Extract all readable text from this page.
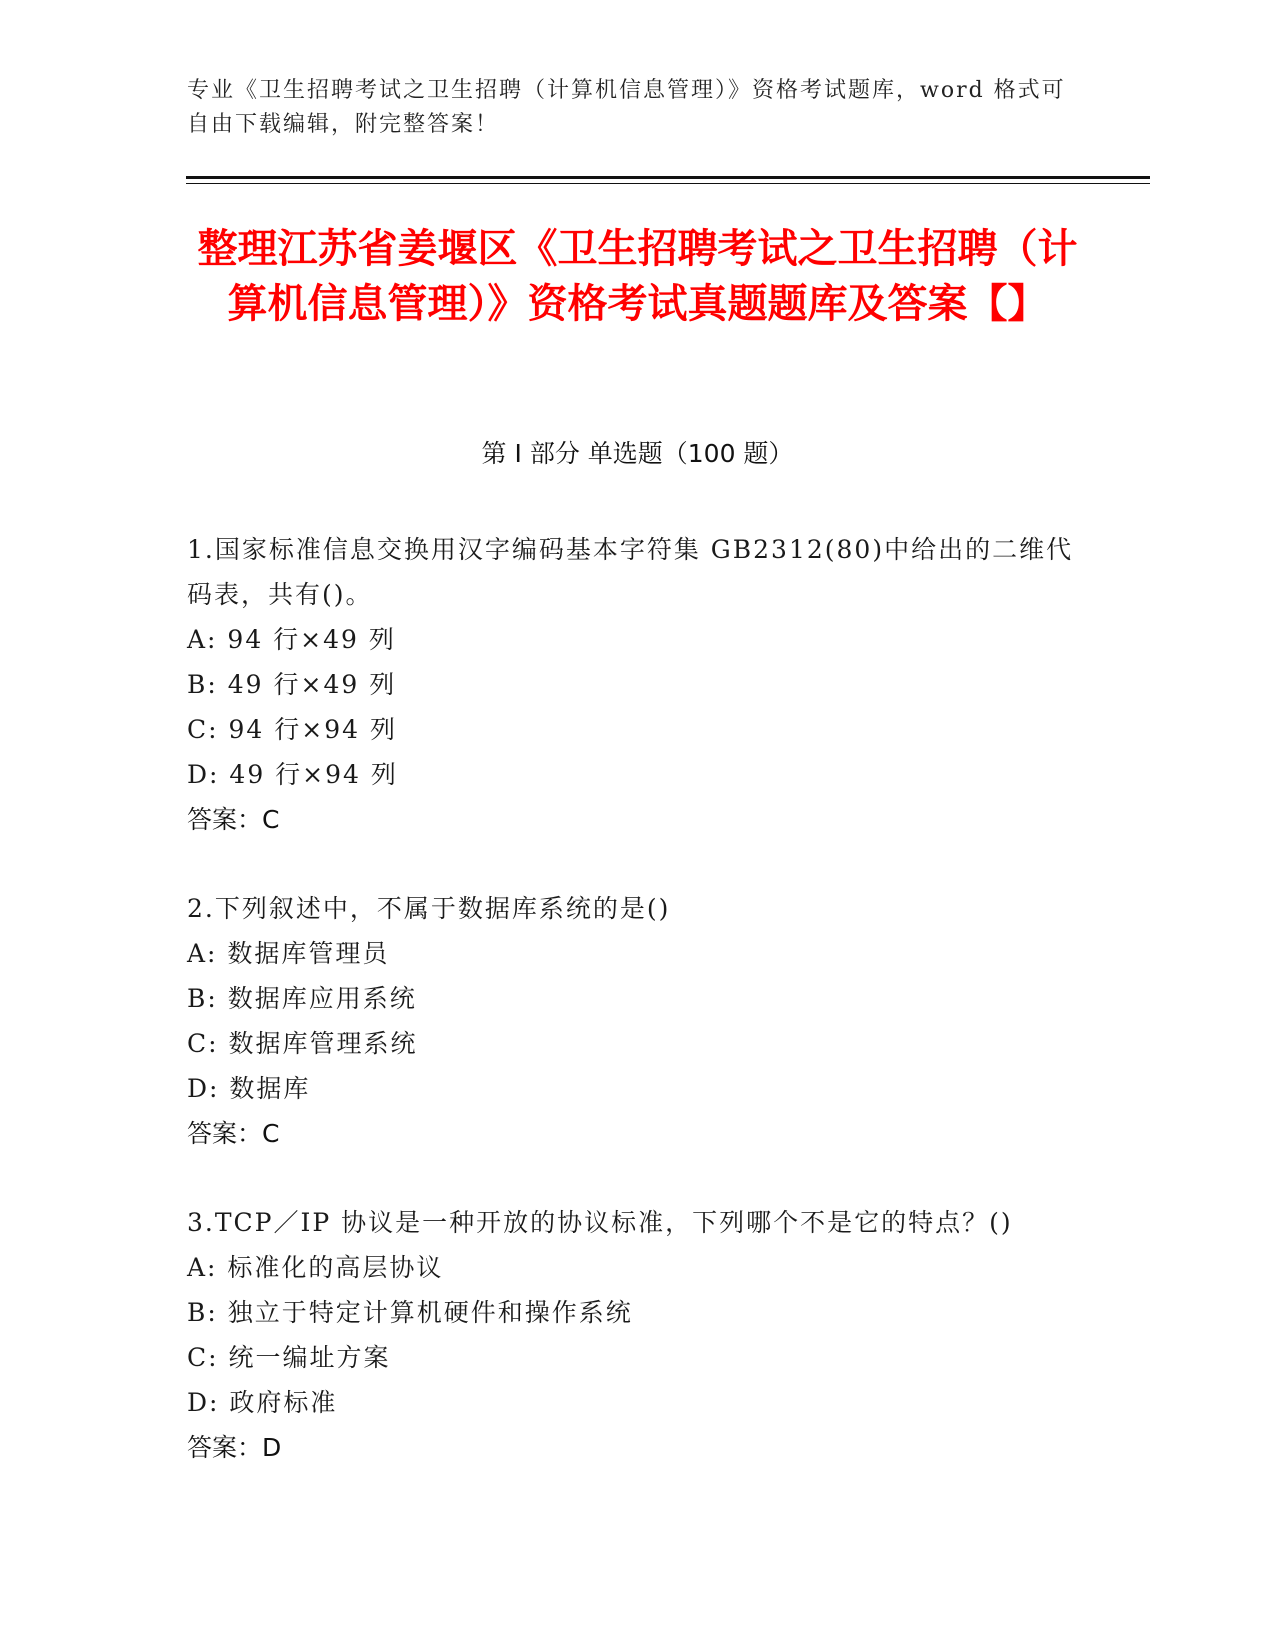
专业《卫生招聘考试之卫生招聘（计算机信息管理）》资格考试题库，word 格式可自由下载编辑，附完整答案！
整理江苏省姜堰区《卫生招聘考试之卫生招聘（计算机信息管理）》资格考试真题题库及答案【】
第 I 部分 单选题（100 题）
1.国家标准信息交换用汉字编码基本字符集 GB2312(80)中给出的二维代码表，共有()。
A: 94 行×49 列
B: 49 行×49 列
C: 94 行×94 列
D: 49 行×94 列
答案：C
2.下列叙述中，不属于数据库系统的是()
A: 数据库管理员
B: 数据库应用系统
C: 数据库管理系统
D: 数据库
答案：C
3.TCP／IP 协议是一种开放的协议标准，下列哪个不是它的特点？()
A: 标准化的高层协议
B: 独立于特定计算机硬件和操作系统
C: 统一编址方案
D: 政府标准
答案：D
